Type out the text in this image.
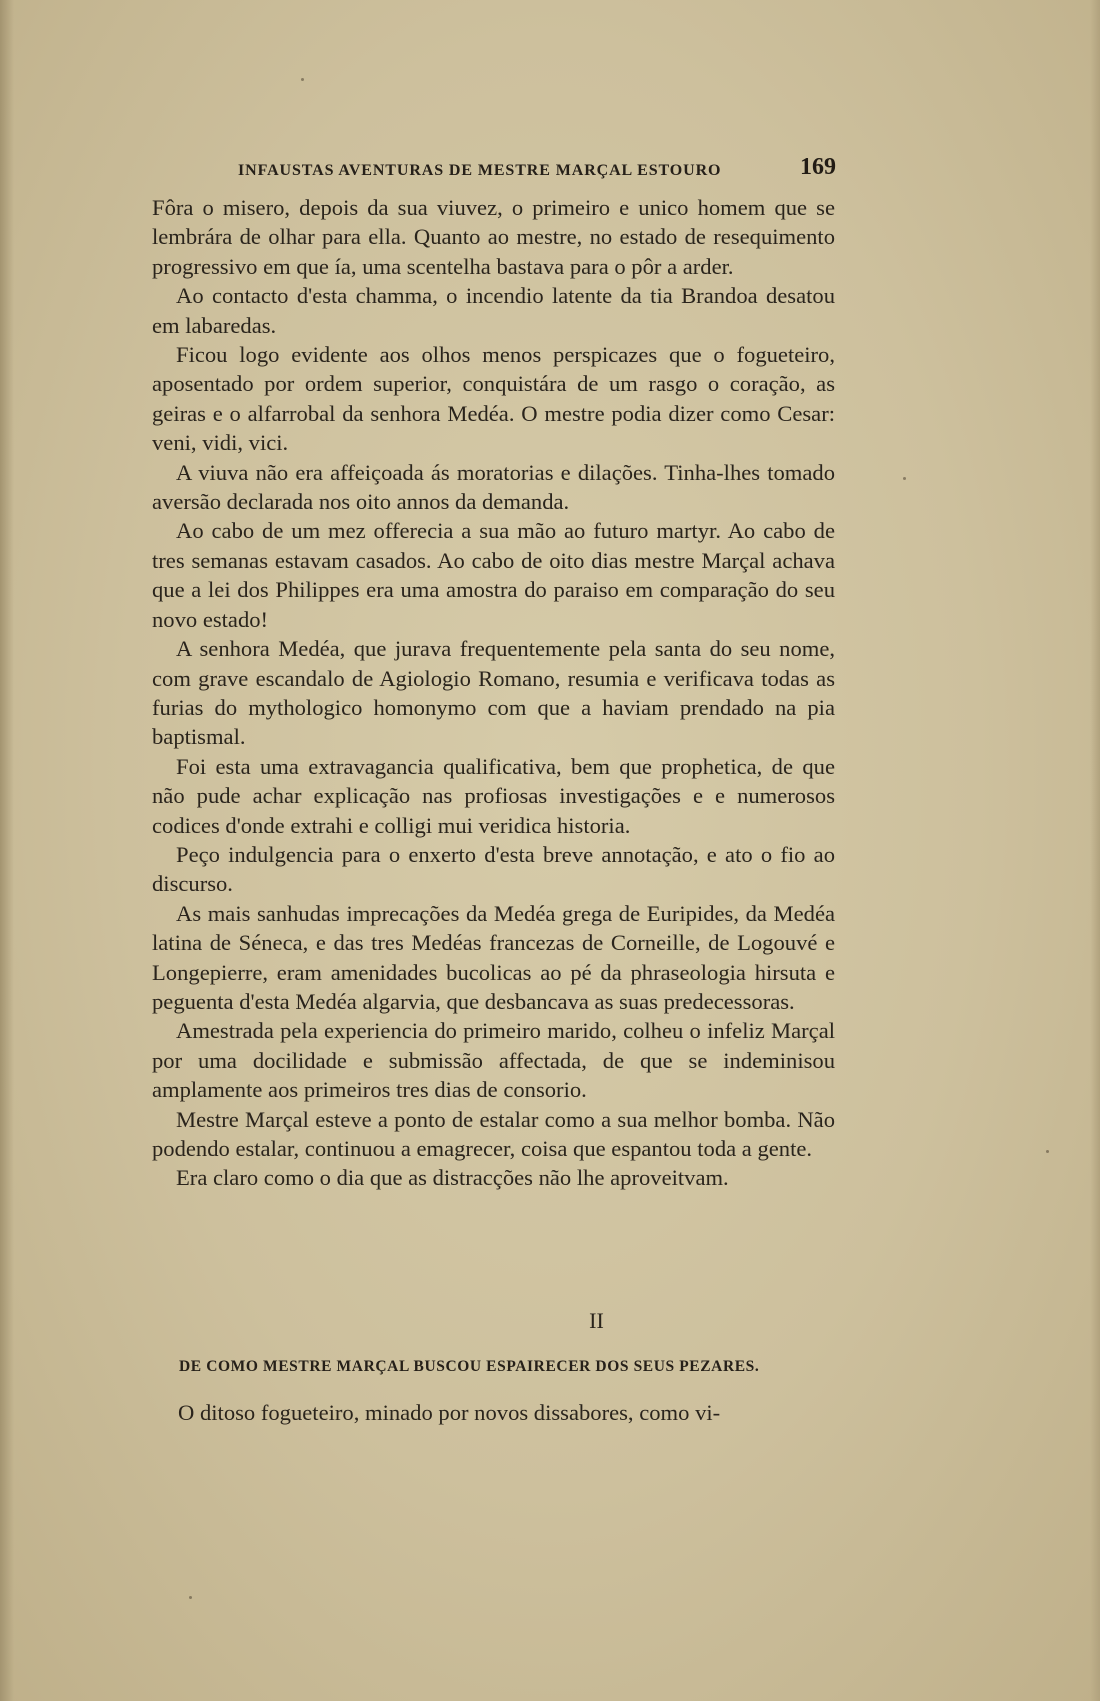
INFAUSTAS AVENTURAS DE MESTRE MARÇAL ESTOURO	169

Fôra o misero, depois da sua viuvez, o primeiro e unico homem que se lembrára de olhar para ella. Quanto ao mestre, no estado de resequimento progressivo em que ía, uma scentelha bastava para o pôr a arder.

Ao contacto d'esta chamma, o incendio latente da tia Brandoa desatou em labaredas.

Ficou logo evidente aos olhos menos perspicazes que o fogueteiro, aposentado por ordem superior, conquistára de um rasgo o coração, as geiras e o alfarrobal da senhora Medéa. O mestre podia dizer como Cesar: veni, vidi, vici.

A viuva não era affeiçoada ás moratorias e dilações. Tinha-lhes tomado aversão declarada nos oito annos da demanda.

Ao cabo de um mez offerecia a sua mão ao futuro martyr. Ao cabo de tres semanas estavam casados. Ao cabo de oito dias mestre Marçal achava que a lei dos Philippes era uma amostra do paraiso em comparação do seu novo estado!

A senhora Medéa, que jurava frequentemente pela santa do seu nome, com grave escandalo de Agiologio Romano, resumia e verificava todas as furias do mythologico homonymo com que a haviam prendado na pia baptismal.

Foi esta uma extravagancia qualificativa, bem que prophetica, de que não pude achar explicação nas profiosas investigações e e numerosos codices d'onde extrahi e colligi mui veridica historia.

Peço indulgencia para o enxerto d'esta breve annotação, e ato o fio ao discurso.

As mais sanhudas imprecações da Medéa grega de Euripides, da Medéa latina de Séneca, e das tres Medéas francezas de Corneille, de Logouvé e Longepierre, eram amenidades bucolicas ao pé da phraseologia hirsuta e peguenta d'esta Medéa algarvia, que desbancava as suas predecessoras.

Amestrada pela experiencia do primeiro marido, colheu o infeliz Marçal por uma docilidade e submissão affectada, de que se indeminisou amplamente aos primeiros tres dias de consorio.

Mestre Marçal esteve a ponto de estalar como a sua melhor bomba. Não podendo estalar, continuou a emagrecer, coisa que espantou toda a gente.

Era claro como o dia que as distracções não lhe aproveitvam.

II
DE COMO MESTRE MARÇAL BUSCOU ESPAIRECER DOS SEUS PEZARES.
O ditoso fogueteiro, minado por novos dissabores, como vi-
